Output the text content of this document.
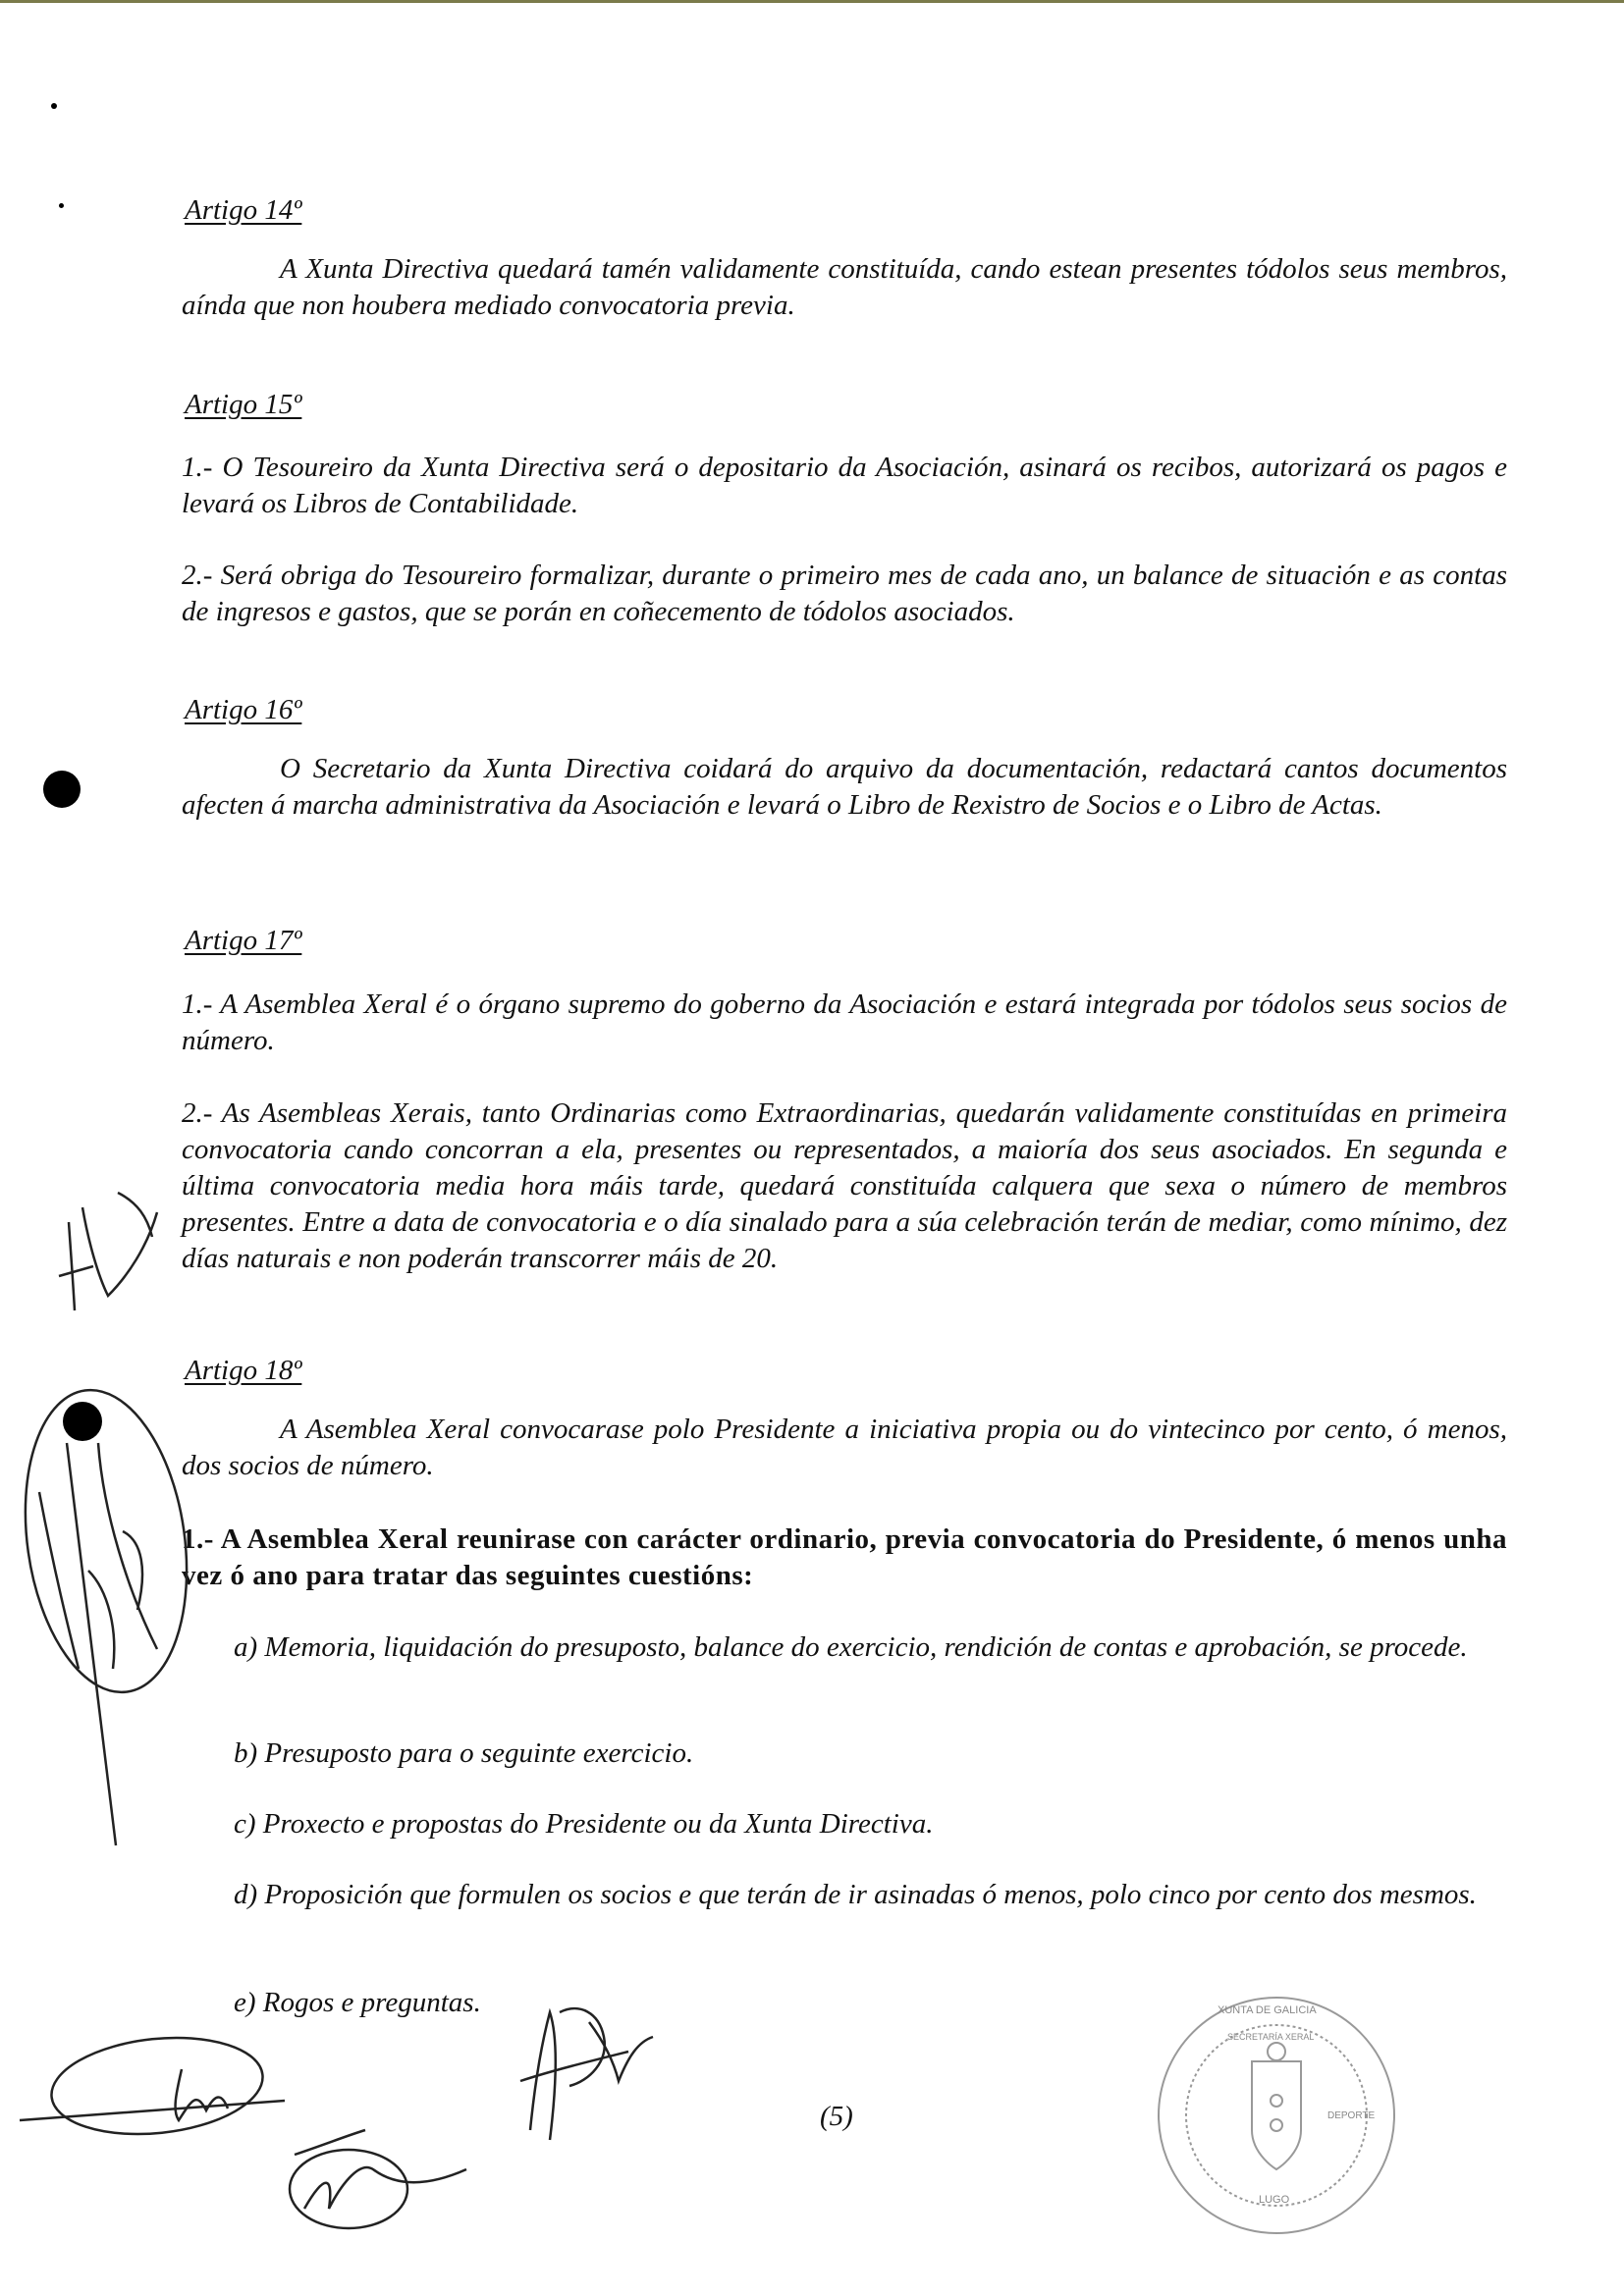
Artigo 14º
A Xunta Directiva quedará tamén validamente constituída, cando estean presentes tódolos seus membros, aínda que non houbera mediado convocatoria previa.
Artigo 15º
1.- O Tesoureiro da Xunta Directiva será o depositario da Asociación, asinará os recibos, autorizará os pagos e levará os Libros de Contabilidade.
2.- Será obriga do Tesoureiro formalizar, durante o primeiro mes de cada ano, un balance de situación e as contas de ingresos e gastos, que se porán en coñecemento de tódolos asociados.
Artigo 16º
O Secretario da Xunta Directiva coidará do arquivo da documentación, redactará cantos documentos afecten á marcha administrativa da Asociación e levará o Libro de Rexistro de Socios e o Libro de Actas.
Artigo 17º
1.- A Asemblea Xeral é o órgano supremo do goberno da Asociación e estará integrada por tódolos seus socios de número.
2.- As Asembleas Xerais, tanto Ordinarias como Extraordinarias, quedarán validamente constituídas en primeira convocatoria cando concorran a ela, presentes ou representados, a maioría dos seus asociados. En segunda e última convocatoria media hora máis tarde, quedará constituída calquera que sexa o número de membros presentes. Entre a data de convocatoria e o día sinalado para a súa celebración terán de mediar, como mínimo, dez días naturais e non poderán transcorrer máis de 20.
Artigo 18º
A Asemblea Xeral convocarase polo Presidente a iniciativa propia ou do vintecinco por cento, ó menos, dos socios de número.
1.- A Asemblea Xeral reunirase con carácter ordinario, previa convocatoria do Presidente, ó menos unha vez ó ano para tratar das seguintes cuestións:
a) Memoria, liquidación do presuposto, balance do exercicio, rendición de contas e aprobación, se procede.
b) Presuposto para o seguinte exercicio.
c) Proxecto e propostas do Presidente ou da Xunta Directiva.
d) Proposición que formulen os socios e que terán de ir asinadas ó menos, polo cinco por cento dos mesmos.
e) Rogos e preguntas.
(5)
XUNTA DE GALICIA
SECRETARÍA XERAL
DEPORTE
LUGO
